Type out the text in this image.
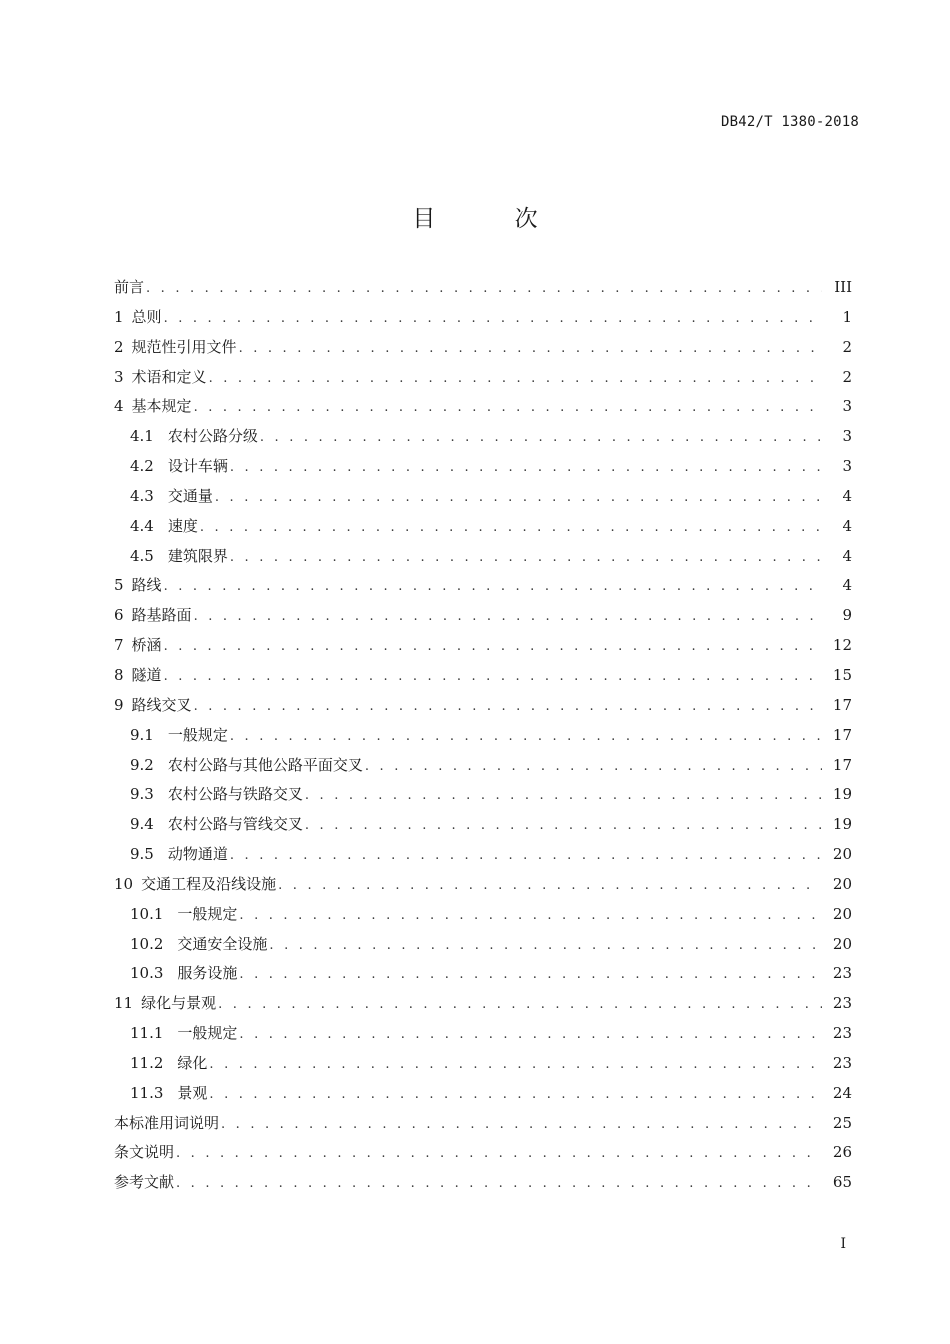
DB42/T 1380-2018
目 次
前言 . . .	III
1 总则 . . .	1
2 规范性引用文件 . . .	2
3 术语和定义 . . .	2
4 基本规定 . . .	3
4.1 农村公路分级 . . .	3
4.2 设计车辆 . . .	3
4.3 交通量 . . .	4
4.4 速度 . . .	4
4.5 建筑限界 . . .	4
5 路线 . . .	4
6 路基路面 . . .	9
7 桥涵 . . .	12
8 隧道 . . .	15
9 路线交叉 . . .	17
9.1 一般规定 . . .	17
9.2 农村公路与其他公路平面交叉 . . .	17
9.3 农村公路与铁路交叉 . . .	19
9.4 农村公路与管线交叉 . . .	19
9.5 动物通道 . . .	20
10 交通工程及沿线设施 . . .	20
10.1 一般规定 . . .	20
10.2 交通安全设施 . . .	20
10.3 服务设施 . . .	23
11 绿化与景观 . . .	23
11.1 一般规定 . . .	23
11.2 绿化 . . .	23
11.3 景观 . . .	24
本标准用词说明 . . .	25
条文说明 . . .	26
参考文献 . . .	65
I
